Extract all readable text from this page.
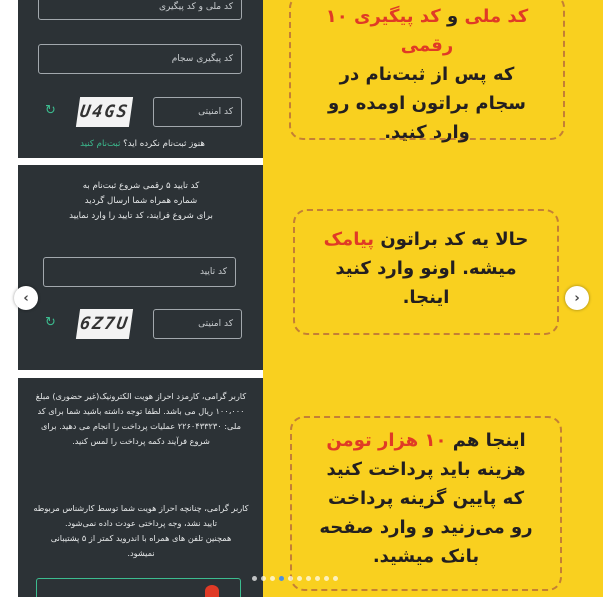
کد ملی و کد پیگیری
کد پیگیری سجام
کد امنیتی
U4GS
↻
هنوز ثبت‌نام نکرده اید؟ ثبت‌نام کنید
کد تایید ۵ رقمی شروع ثبت‌نام به
شماره همراه شما ارسال گردید
برای شروع فرایند، کد تایید را وارد نمایید
کد تایید
کد امنیتی
6Z7U
↻
کاربر گرامی، کارمزد احراز هویت الکترونیک(غیر حضوری) مبلغ
۱۰۰،۰۰۰ ریال می باشد. لطفا توجه داشته باشید شما برای کد
ملی: ۲۲۶۰۴۳۳۲۳۰ عملیات پرداخت را انجام می دهید. برای
شروع فرآیند دکمه پرداخت را لمس کنید.
کاربر گرامی، چنانچه احراز هویت شما توسط کارشناس مربوطه
تایید نشد، وجه پرداختی عودت داده نمی‌شود.
همچنین تلفن های همراه با اندروید کمتر از ۵ پشتیبانی
نمیشود.
کد ملی و کد پیگیری ۱۰ رقمی
که پس از ثبت‌نام در
سجام براتون اومده رو
وارد کنید.
حالا یه کد براتون پیامک
میشه. اونو وارد کنید
اینجا.
اینجا هم ۱۰ هزار تومن
هزینه باید پرداخت کنید
که پایین گزینه پرداخت
رو می‌زنید و وارد صفحه
بانک میشید.
‹	›
